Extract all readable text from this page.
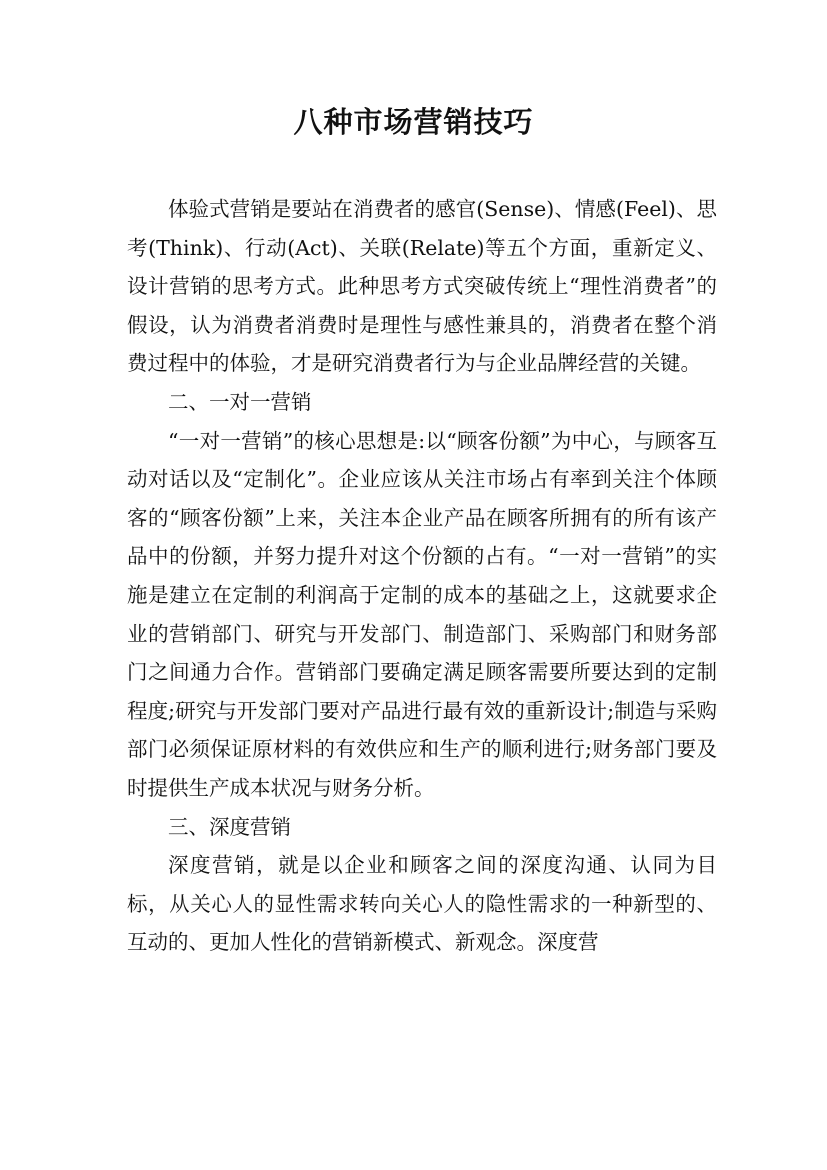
八种市场营销技巧

体验式营销是要站在消费者的感官(Sense)、情感(Feel)、思考(Think)、行动(Act)、关联(Relate)等五个方面，重新定义、设计营销的思考方式。此种思考方式突破传统上“理性消费者”的假设，认为消费者消费时是理性与感性兼具的，消费者在整个消费过程中的体验，才是研究消费者行为与企业品牌经营的关键。

二、一对一营销

“一对一营销”的核心思想是:以“顾客份额”为中心，与顾客互动对话以及“定制化”。企业应该从关注市场占有率到关注个体顾客的“顾客份额”上来，关注本企业产品在顾客所拥有的所有该产品中的份额，并努力提升对这个份额的占有。“一对一营销”的实施是建立在定制的利润高于定制的成本的基础之上，这就要求企业的营销部门、研究与开发部门、制造部门、采购部门和财务部门之间通力合作。营销部门要确定满足顾客需要所要达到的定制程度;研究与开发部门要对产品进行最有效的重新设计;制造与采购部门必须保证原材料的有效供应和生产的顺利进行;财务部门要及时提供生产成本状况与财务分析。

三、深度营销

深度营销，就是以企业和顾客之间的深度沟通、认同为目标，从关心人的显性需求转向关心人的隐性需求的一种新型的、互动的、更加人性化的营销新模式、新观念。深度营
